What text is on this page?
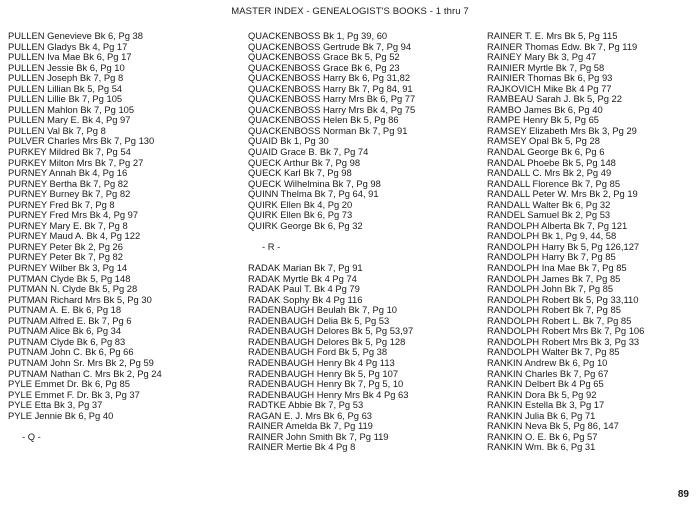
MASTER INDEX - GENEALOGIST'S BOOKS - 1 thru 7
PULLEN Genevieve Bk 6, Pg 38
PULLEN Gladys Bk 4, Pg 17
PULLEN Iva Mae Bk 6, Pg 17
PULLEN Jessie Bk 6, Pg 10
PULLEN Joseph Bk 7, Pg 8
PULLEN Lillian Bk 5, Pg 54
PULLEN Lillie Bk 7, Pg 105
PULLEN Mahlon Bk 7, Pg 105
PULLEN Mary E. Bk 4, Pg 97
PULLEN Val Bk 7, Pg 8
PULVER Charles Mrs Bk 7, Pg 130
PURKEY Mildred Bk 7, Pg 54
PURKEY Milton Mrs Bk 7, Pg 27
PURNEY Annah Bk 4, Pg 16
PURNEY Bertha Bk 7, Pg 82
PURNEY Burney Bk 7, Pg 82
PURNEY Fred Bk 7, Pg 8
PURNEY Fred Mrs Bk 4, Pg 97
PURNEY Mary E. Bk 7, Pg 8
PURNEY Maud A. Bk 4, Pg 122
PURNEY Peter Bk 2, Pg 26
PURNEY Peter Bk 7, Pg 82
PURNEY Wilber Bk 3, Pg 14
PUTMAN Clyde Bk 5, Pg 148
PUTMAN N. Clyde Bk 5, Pg 28
PUTMAN Richard Mrs Bk 5, Pg 30
PUTNAM A. E. Bk 6, Pg 18
PUTNAM Alfred E. Bk 7, Pg 6
PUTNAM Alice Bk 6, Pg 34
PUTNAM Clyde Bk 6, Pg 83
PUTNAM John C. Bk 6, Pg 66
PUTNAM John Sr. Mrs Bk 2, Pg 59
PUTNAM Nathan C. Mrs Bk 2, Pg 24
PYLE Emmet Dr. Bk 6, Pg 85
PYLE Emmet F. Dr. Bk 3, Pg 37
PYLE Etta Bk 3, Pg 37
PYLE Jennie Bk 6, Pg 40
- Q -
QUACKENBOSS Bk 1, Pg 39, 60
QUACKENBOSS Gertrude Bk 7, Pg 94
QUACKENBOSS Grace Bk 5, Pg 52
QUACKENBOSS Grace Bk 6, Pg 23
QUACKENBOSS Harry Bk 6, Pg 31,82
QUACKENBOSS Harry Bk 7, Pg 84, 91
QUACKENBOSS Harry Mrs Bk 6, Pg 77
QUACKENBOSS Harry Mrs Bk 4, Pg 75
QUACKENBOSS Helen Bk 5, Pg 86
QUACKENBOSS Norman Bk 7, Pg 91
QUAID Bk 1, Pg 30
QUAID Grace B. Bk 7, Pg 74
QUECK Arthur Bk 7, Pg 98
QUECK Karl Bk 7, Pg 98
QUECK Wilhelmina Bk 7, Pg 98
QUINN Thelma Bk 7, Pg 64, 91
QUIRK Ellen Bk 4, Pg 20
QUIRK Ellen Bk 6, Pg 73
QUIRK George Bk 6, Pg 32
- R -
RADAK Marian Bk 7, Pg 91
RADAK Myrtle Bk 4 Pg 74
RADAK Paul T. Bk 4 Pg 79
RADAK Sophy Bk 4 Pg 116
RADENBAUGH Beulah Bk 7, Pg 10
RADENBAUGH Delia Bk 5, Pg 53
RADENBAUGH Delores Bk 5, Pg 53,97
RADENBAUGH Delores Bk 5, Pg 128
RADENBAUGH Ford Bk 5, Pg 38
RADENBAUGH Henry Bk 4 Pg 113
RADENBAUGH Henry Bk 5, Pg 107
RADENBAUGH Henry Bk 7, Pg 5, 10
RADENBAUGH Henry Mrs Bk 4 Pg 63
RADTKE Abbie Bk 7, Pg 53
RAGAN E. J. Mrs Bk 6, Pg 63
RAINER Amelda Bk 7, Pg 119
RAINER John Smith Bk 7, Pg 119
RAINER Mertie Bk 4 Pg 8
RAINER T. E. Mrs Bk 5, Pg 115
RAINER Thomas Edw. Bk 7, Pg 119
RAINEY Mary Bk 3, Pg 47
RAINIER Myrtle Bk 7, Pg 58
RAINIER Thomas Bk 6, Pg 93
RAJKOVICH Mike Bk 4 Pg 77
RAMBEAU Sarah J. Bk 5, Pg 22
RAMBO James Bk 6, Pg 40
RAMPE Henry Bk 5, Pg 65
RAMSEY Elizabeth Mrs Bk 3, Pg 29
RAMSEY Opal Bk 5, Pg 28
RANDAL George Bk 6, Pg 6
RANDAL Phoebe Bk 5, Pg 148
RANDALL C. Mrs Bk 2, Pg 49
RANDALL Florence Bk 7, Pg 85
RANDALL Peter W. Mrs Bk 2, Pg 19
RANDALL Walter Bk 6, Pg 32
RANDEL Samuel Bk 2, Pg 53
RANDOLPH Alberta Bk 7, Pg 121
RANDOLPH Bk 1, Pg 9, 44, 58
RANDOLPH Harry Bk 5, Pg 126,127
RANDOLPH Harry Bk 7, Pg 85
RANDOLPH Ina Mae Bk 7, Pg 85
RANDOLPH James Bk 7, Pg 85
RANDOLPH John Bk 7, Pg 85
RANDOLPH Robert Bk 5, Pg 33,110
RANDOLPH Robert Bk 7, Pg 85
RANDOLPH Robert L. Bk 7, Pg 85
RANDOLPH Robert Mrs Bk 7, Pg 106
RANDOLPH Robert Mrs Bk 3, Pg 33
RANDOLPH Walter Bk 7, Pg 85
RANKIN Andrew Bk 6, Pg 10
RANKIN Charles Bk 7, Pg 67
RANKIN Delbert Bk 4 Pg 65
RANKIN Dora Bk 5, Pg 92
RANKIN Estella Bk 3, Pg 17
RANKIN Julia Bk 6, Pg 71
RANKIN Neva Bk 5, Pg 86, 147
RANKIN O. E. Bk 6, Pg 57
RANKIN Wm. Bk 6, Pg 31
89
